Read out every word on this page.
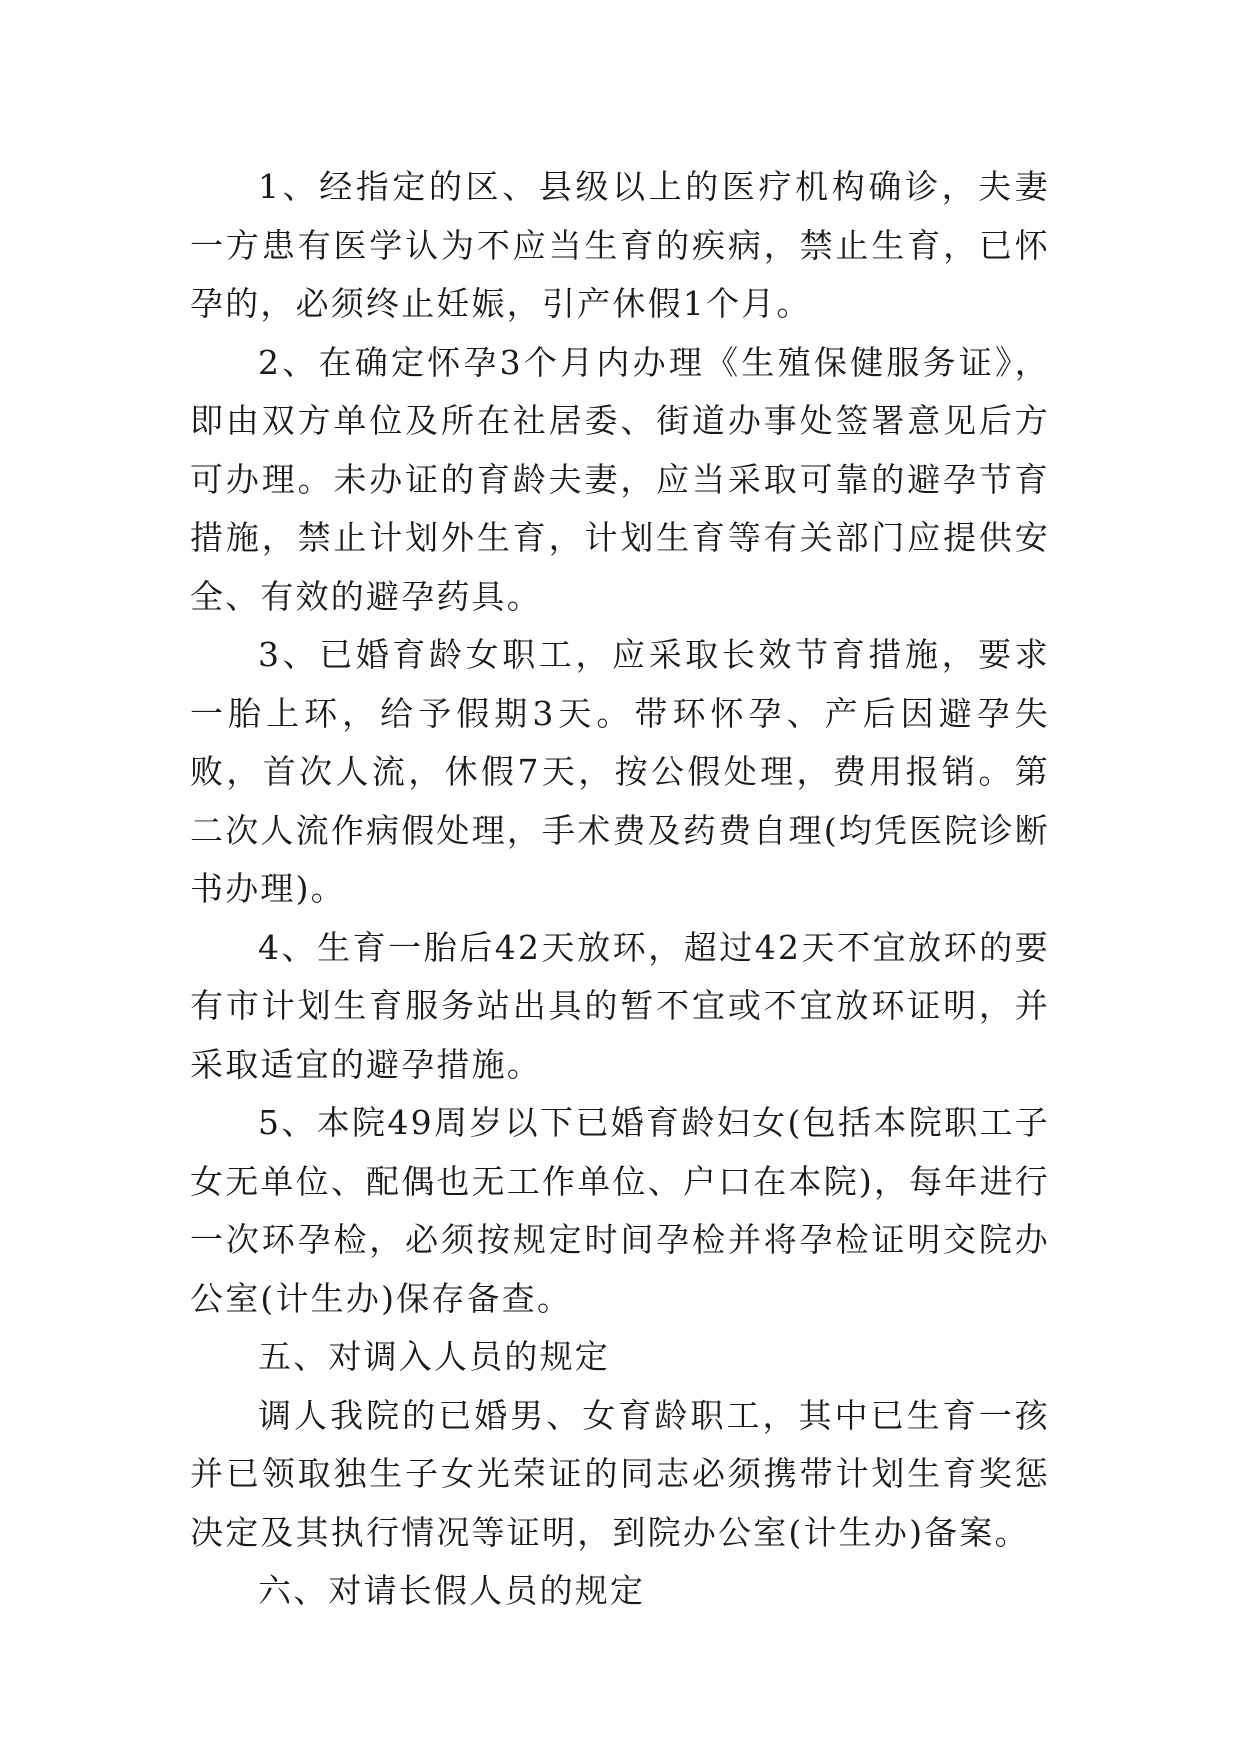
1、经指定的区、县级以上的医疗机构确诊，夫妻一方患有医学认为不应当生育的疾病，禁止生育，已怀孕的，必须终止妊娠，引产休假1个月。

2、在确定怀孕3个月内办理《生殖保健服务证》，即由双方单位及所在社居委、街道办事处签署意见后方可办理。未办证的育龄夫妻，应当采取可靠的避孕节育措施，禁止计划外生育，计划生育等有关部门应提供安全、有效的避孕药具。

3、已婚育龄女职工，应采取长效节育措施，要求一胎上环，给予假期3天。带环怀孕、产后因避孕失败，首次人流，休假7天，按公假处理，费用报销。第二次人流作病假处理，手术费及药费自理(均凭医院诊断书办理)。

4、生育一胎后42天放环，超过42天不宜放环的要有市计划生育服务站出具的暂不宜或不宜放环证明，并采取适宜的避孕措施。

5、本院49周岁以下已婚育龄妇女(包括本院职工子女无单位、配偶也无工作单位、户口在本院)，每年进行一次环孕检，必须按规定时间孕检并将孕检证明交院办公室(计生办)保存备查。

五、对调入人员的规定

调人我院的已婚男、女育龄职工，其中已生育一孩并已领取独生子女光荣证的同志必须携带计划生育奖惩决定及其执行情况等证明，到院办公室(计生办)备案。

六、对请长假人员的规定
